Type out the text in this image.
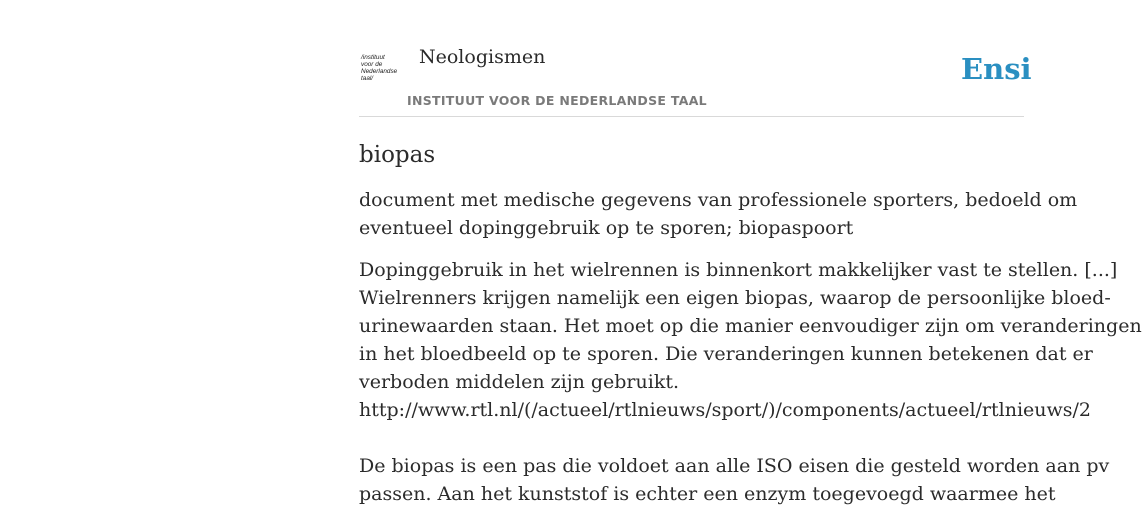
/instituut
voor de
Nederlandse
taal/
Neologismen
INSTITUUT VOOR DE NEDERLANDSE TAAL
Ensi
biopas

document met medische gegevens van professionele sporters, bedoeld om
eventueel dopinggebruik op te sporen; biopaspoort

Dopinggebruik in het wielrennen is binnenkort makkelijker vast te stellen. [...]
Wielrenners krijgen namelijk een eigen biopas, waarop de persoonlijke bloed-
urinewaarden staan. Het moet op die manier eenvoudiger zijn om veranderingen
in het bloedbeeld op te sporen. Die veranderingen kunnen betekenen dat er
verboden middelen zijn gebruikt.
http://www.rtl.nl/(/actueel/rtlnieuws/sport/)/components/actueel/rtlnieuws/2
De biopas is een pas die voldoet aan alle ISO eisen die gesteld worden aan pv
passen. Aan het kunststof is echter een enzym toegevoegd waarmee het
